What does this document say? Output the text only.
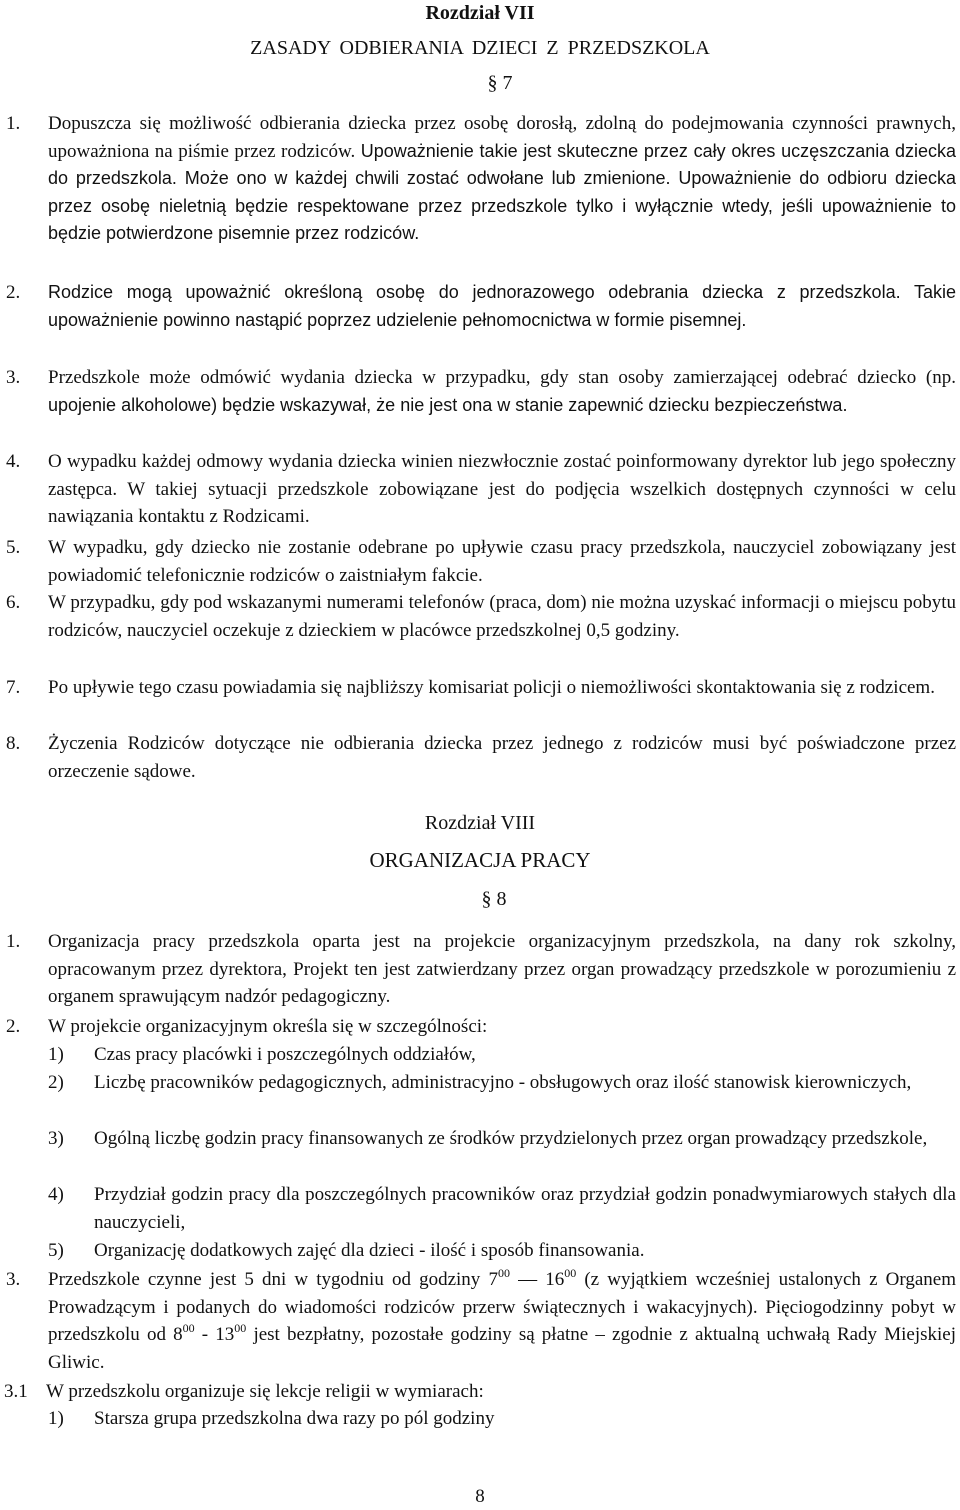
Rozdział VII
ZASADY ODBIERANIA DZIECI Z PRZEDSZKOLA
§ 7
1.	Dopuszcza się możliwość odbierania dziecka przez osobę dorosłą, zdolną do podejmowania czynności prawnych, upoważniona na piśmie przez rodziców. Upoważnienie takie jest skuteczne przez cały okres uczęszczania dziecka do przedszkola. Może ono w każdej chwili zostać odwołane lub zmienione. Upoważnienie do odbioru dziecka przez osobę nieletnią będzie respektowane przez przedszkole tylko i wyłącznie wtedy, jeśli upoważnienie to będzie potwierdzone pisemnie przez rodziców.
2.	Rodzice mogą upoważnić określoną osobę do jednorazowego odebrania dziecka z przedszkola. Takie upoważnienie powinno nastąpić poprzez udzielenie pełnomocnictwa w formie pisemnej.
3.	Przedszkole może odmówić wydania dziecka w przypadku, gdy stan osoby zamierzającej odebrać dziecko (np. upojenie alkoholowe) będzie wskazywał, że nie jest ona w stanie zapewnić dziecku bezpieczeństwa.
4.	O wypadku każdej odmowy wydania dziecka winien niezwłocznie zostać poinformowany dyrektor lub jego społeczny zastępca. W takiej sytuacji przedszkole zobowiązane jest do podjęcia wszelkich dostępnych czynności w celu nawiązania kontaktu z Rodzicami.
5.	W wypadku, gdy dziecko nie zostanie odebrane po upływie czasu pracy przedszkola, nauczyciel zobowiązany jest powiadomić telefonicznie rodziców o zaistniałym fakcie.
6.	W przypadku, gdy pod wskazanymi numerami telefonów (praca, dom) nie można uzyskać informacji o miejscu pobytu rodziców, nauczyciel oczekuje z dzieckiem w placówce przedszkolnej 0,5 godziny.
7.	Po upływie tego czasu powiadamia się najbliższy komisariat policji o niemożliwości skontaktowania się z rodzicem.
8.	Życzenia Rodziców dotyczące nie odbierania dziecka przez jednego z rodziców musi być poświadczone przez orzeczenie sądowe.
Rozdział VIII
ORGANIZACJA PRACY
§ 8
1.	Organizacja pracy przedszkola oparta jest na projekcie organizacyjnym przedszkola, na dany rok szkolny, opracowanym przez dyrektora, Projekt ten jest zatwierdzany przez organ prowadzący przedszkole w porozumieniu z organem sprawującym nadzór pedagogiczny.
2.	W projekcie organizacyjnym określa się w szczególności:
1)	Czas pracy placówki i poszczególnych oddziałów,
2)	Liczbę pracowników pedagogicznych, administracyjno - obsługowych oraz ilość stanowisk kierowniczych,
3)	Ogólną liczbę godzin pracy finansowanych ze środków przydzielonych przez organ prowadzący przedszkole,
4)	Przydział godzin pracy dla poszczególnych pracowników oraz przydział godzin ponadwymiarowych stałych dla nauczycieli,
5)	Organizację dodatkowych zajęć dla dzieci - ilość i sposób finansowania.
3.	Przedszkole czynne jest 5 dni w tygodniu od godziny $7^{00}$ — $16^{00}$ (z wyjątkiem wcześniej ustalonych z Organem Prowadzącym i podanych do wiadomości rodziców przerw świątecznych i wakacyjnych). Pięciogodzinny pobyt w przedszkolu od $8^{00} - 13^{00}$ jest bezpłatny, pozostałe godziny są płatne – zgodnie z aktualną uchwałą Rady Miejskiej Gliwic.
3.1 W przedszkolu organizuje się lekcje religii w wymiarach:
1)	Starsza grupa przedszkolna dwa razy po pól godziny
8
